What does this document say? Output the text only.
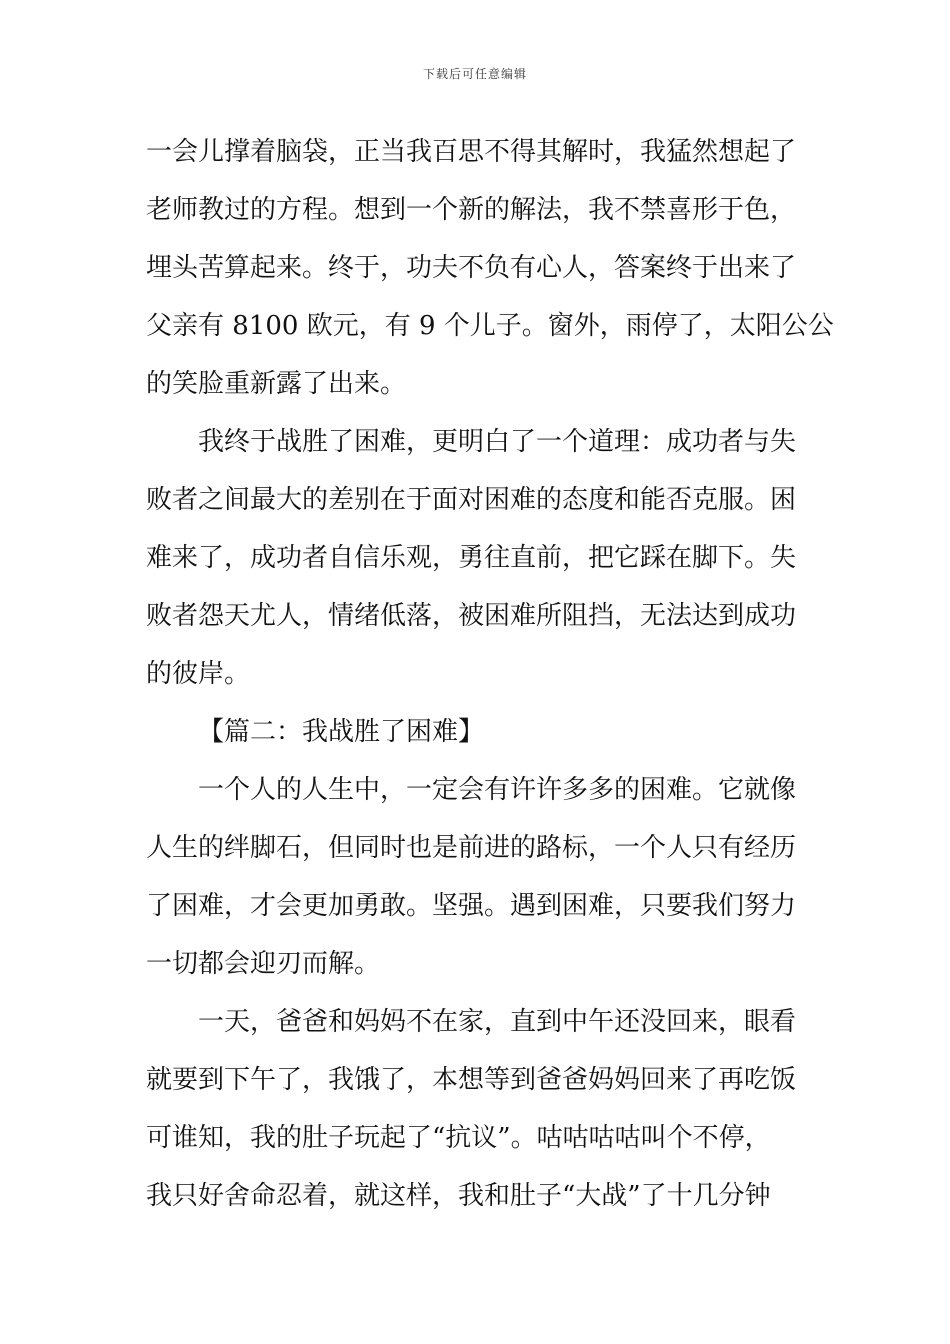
下载后可任意编辑
一会儿撑着脑袋，正当我百思不得其解时，我猛然想起了
老师教过的方程。想到一个新的解法，我不禁喜形于色，
埋头苦算起来。终于，功夫不负有心人，答案终于出来了
父亲有 8100 欧元，有 9 个儿子。窗外，雨停了，太阳公公
的笑脸重新露了出来。
我终于战胜了困难，更明白了一个道理：成功者与失
败者之间最大的差别在于面对困难的态度和能否克服。困
难来了，成功者自信乐观，勇往直前，把它踩在脚下。失
败者怨天尤人，情绪低落，被困难所阻挡，无法达到成功
的彼岸。
【篇二：我战胜了困难】
一个人的人生中，一定会有许许多多的困难。它就像
人生的绊脚石，但同时也是前进的路标，一个人只有经历
了困难，才会更加勇敢。坚强。遇到困难，只要我们努力
一切都会迎刃而解。
一天，爸爸和妈妈不在家，直到中午还没回来，眼看
就要到下午了，我饿了，本想等到爸爸妈妈回来了再吃饭
可谁知，我的肚子玩起了“抗议”。咕咕咕咕叫个不停，
我只好舍命忍着，就这样，我和肚子“大战”了十几分钟
